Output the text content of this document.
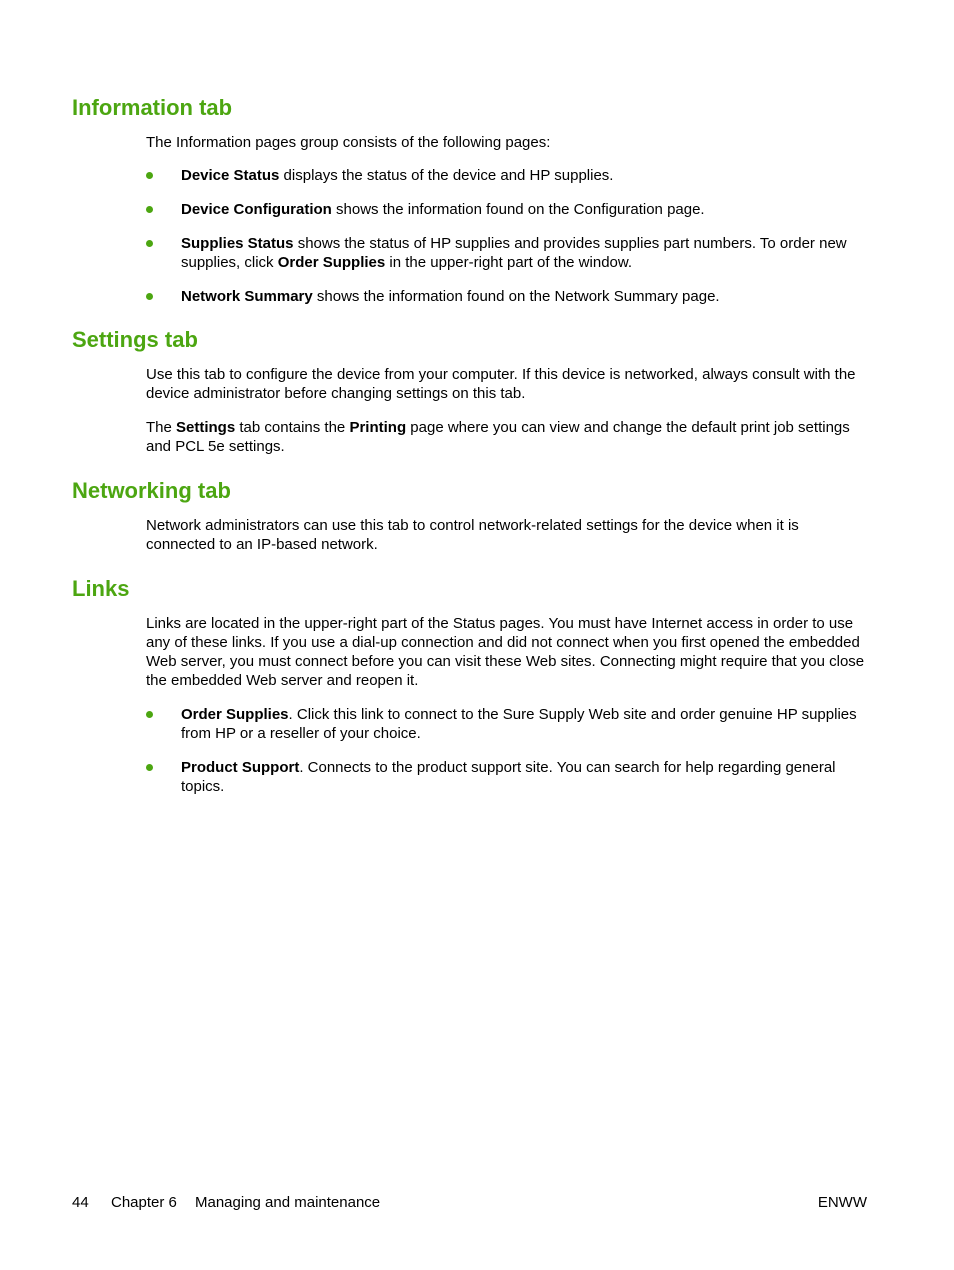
Information tab

The Information pages group consists of the following pages:

Device Status displays the status of the device and HP supplies.

Device Configuration shows the information found on the Configuration page.

Supplies Status shows the status of HP supplies and provides supplies part numbers. To order new supplies, click Order Supplies in the upper-right part of the window.

Network Summary shows the information found on the Network Summary page.

Settings tab

Use this tab to configure the device from your computer. If this device is networked, always consult with the device administrator before changing settings on this tab.

The Settings tab contains the Printing page where you can view and change the default print job settings and PCL 5e settings.

Networking tab

Network administrators can use this tab to control network-related settings for the device when it is connected to an IP-based network.

Links

Links are located in the upper-right part of the Status pages. You must have Internet access in order to use any of these links. If you use a dial-up connection and did not connect when you first opened the embedded Web server, you must connect before you can visit these Web sites. Connecting might require that you close the embedded Web server and reopen it.

Order Supplies. Click this link to connect to the Sure Supply Web site and order genuine HP supplies from HP or a reseller of your choice.

Product Support. Connects to the product support site. You can search for help regarding general topics.

44 Chapter 6 Managing and maintenance	ENWW
